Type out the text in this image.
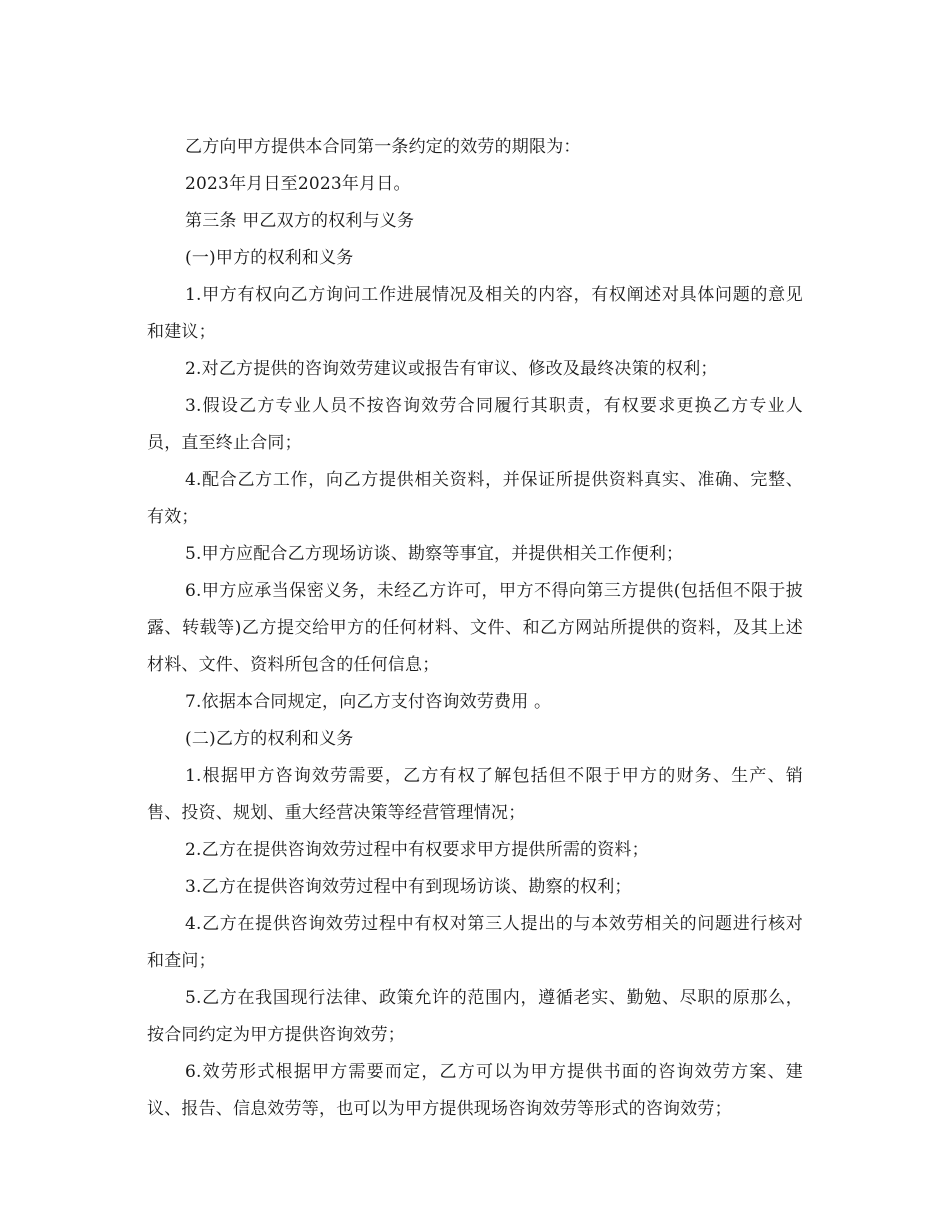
乙方向甲方提供本合同第一条约定的效劳的期限为：

2023年月日至2023年月日。

第三条 甲乙双方的权利与义务

(一)甲方的权利和义务

1.甲方有权向乙方询问工作进展情况及相关的内容，有权阐述对具体问题的意见和建议；

2.对乙方提供的咨询效劳建议或报告有审议、修改及最终决策的权利；

3.假设乙方专业人员不按咨询效劳合同履行其职责，有权要求更换乙方专业人员，直至终止合同；

4.配合乙方工作，向乙方提供相关资料，并保证所提供资料真实、准确、完整、有效；

5.甲方应配合乙方现场访谈、勘察等事宜，并提供相关工作便利；

6.甲方应承当保密义务，未经乙方许可，甲方不得向第三方提供(包括但不限于披露、转载等)乙方提交给甲方的任何材料、文件、和乙方网站所提供的资料，及其上述材料、文件、资料所包含的任何信息；

7.依据本合同规定，向乙方支付咨询效劳费用 。

(二)乙方的权利和义务

1.根据甲方咨询效劳需要，乙方有权了解包括但不限于甲方的财务、生产、销售、投资、规划、重大经营决策等经营管理情况；

2.乙方在提供咨询效劳过程中有权要求甲方提供所需的资料；

3.乙方在提供咨询效劳过程中有到现场访谈、勘察的权利；

4.乙方在提供咨询效劳过程中有权对第三人提出的与本效劳相关的问题进行核对和查问；

5.乙方在我国现行法律、政策允许的范围内，遵循老实、勤勉、尽职的原那么，按合同约定为甲方提供咨询效劳；

6.效劳形式根据甲方需要而定，乙方可以为甲方提供书面的咨询效劳方案、建议、报告、信息效劳等，也可以为甲方提供现场咨询效劳等形式的咨询效劳；
